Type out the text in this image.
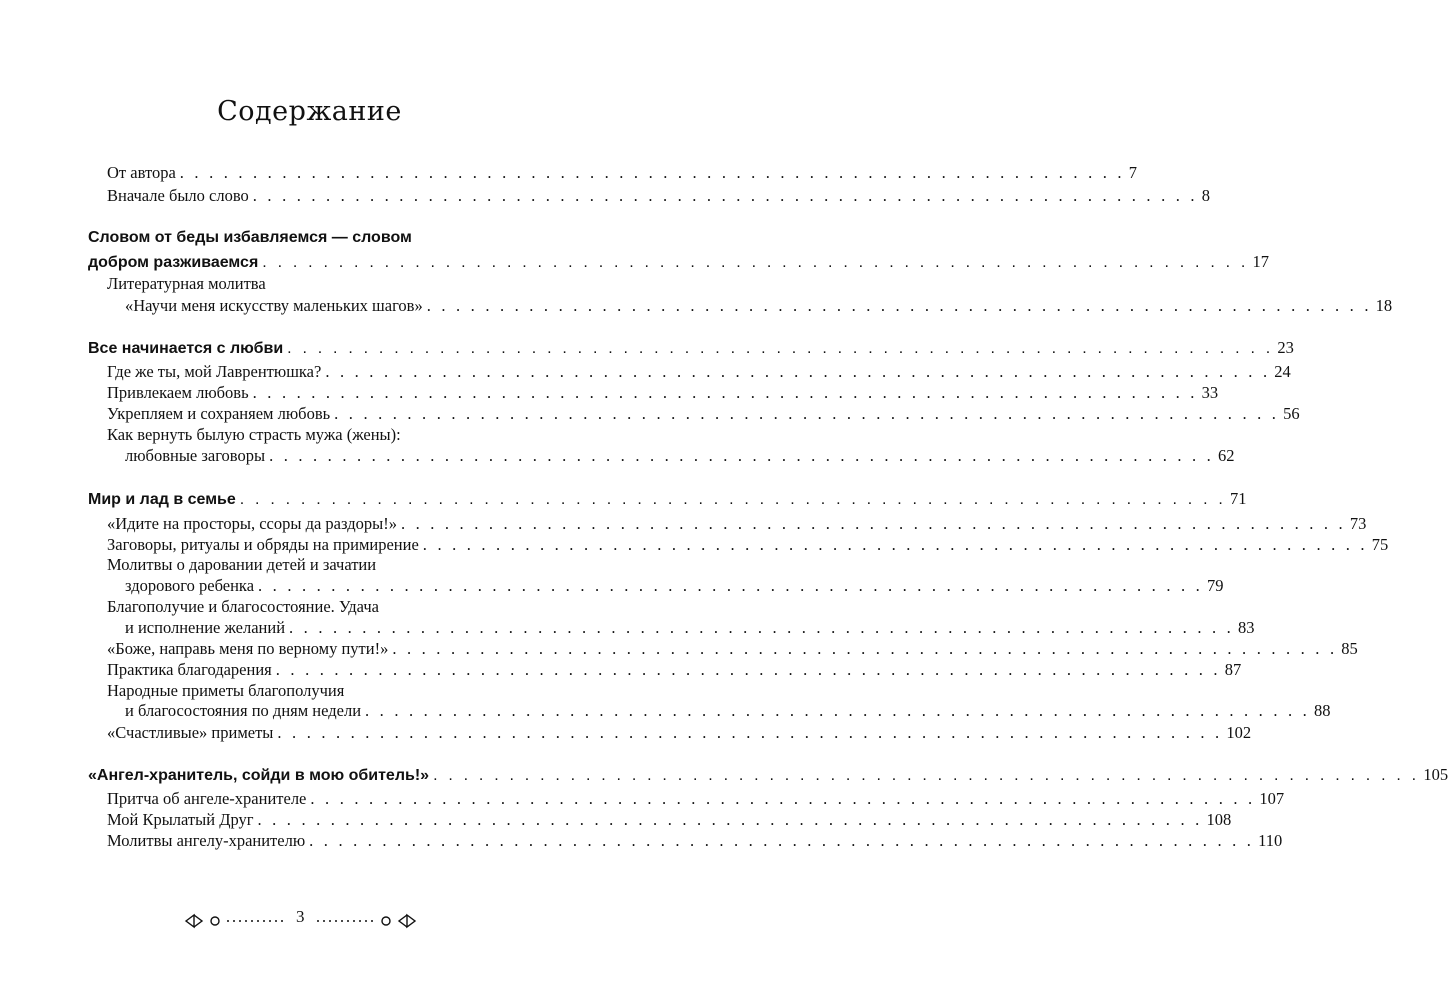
Содержание
От автора . . . . . . . . . . . . . . . . . . . . . . . . . . . . . . . . . . . . . . . . . . . . . . . . . . . . . . . . . . . . . . . . . 7
Вначале было слово . . . . . . . . . . . . . . . . . . . . . . . . . . . . . . . . . . . . . . . . . . . . . . . . . . . . . . . . . . . . . . . . . 8
Словом от беды избавляемся — словом
добром разживаемся . . . . . . . . . . . . . . . . . . . . . . . . . . . . . . . . . . . . . . . . . . . . . . . . . . . . . . . . . . . . . . . . . 17
Литературная молитва
«Научи меня искусству маленьких шагов» . . . . . . . . . . . . . . . . . . . . . . . . . . . . . . . . . . . . . . . . . . . . . . . . . . . . . . . . . . . . . . . . . 18
Все начинается с любви . . . . . . . . . . . . . . . . . . . . . . . . . . . . . . . . . . . . . . . . . . . . . . . . . . . . . . . . . . . . . . . . . 23
Где же ты, мой Лаврентюшка? . . . . . . . . . . . . . . . . . . . . . . . . . . . . . . . . . . . . . . . . . . . . . . . . . . . . . . . . . . . . . . . . . 24
Привлекаем любовь . . . . . . . . . . . . . . . . . . . . . . . . . . . . . . . . . . . . . . . . . . . . . . . . . . . . . . . . . . . . . . . . . 33
Укрепляем и сохраняем любовь . . . . . . . . . . . . . . . . . . . . . . . . . . . . . . . . . . . . . . . . . . . . . . . . . . . . . . . . . . . . . . . . . 56
Как вернуть былую страсть мужа (жены):
любовные заговоры . . . . . . . . . . . . . . . . . . . . . . . . . . . . . . . . . . . . . . . . . . . . . . . . . . . . . . . . . . . . . . . . . 62
Мир и лад в семье . . . . . . . . . . . . . . . . . . . . . . . . . . . . . . . . . . . . . . . . . . . . . . . . . . . . . . . . . . . . . . . . . 71
«Идите на просторы, ссоры да раздоры!» . . . . . . . . . . . . . . . . . . . . . . . . . . . . . . . . . . . . . . . . . . . . . . . . . . . . . . . . . . . . . . . . . 73
Заговоры, ритуалы и обряды на примирение . . . . . . . . . . . . . . . . . . . . . . . . . . . . . . . . . . . . . . . . . . . . . . . . . . . . . . . . . . . . . . . . . 75
Молитвы о даровании детей и зачатии
здорового ребенка . . . . . . . . . . . . . . . . . . . . . . . . . . . . . . . . . . . . . . . . . . . . . . . . . . . . . . . . . . . . . . . . . 79
Благополучие и благосостояние. Удача
и исполнение желаний . . . . . . . . . . . . . . . . . . . . . . . . . . . . . . . . . . . . . . . . . . . . . . . . . . . . . . . . . . . . . . . . . 83
«Боже, направь меня по верному пути!» . . . . . . . . . . . . . . . . . . . . . . . . . . . . . . . . . . . . . . . . . . . . . . . . . . . . . . . . . . . . . . . . . 85
Практика благодарения . . . . . . . . . . . . . . . . . . . . . . . . . . . . . . . . . . . . . . . . . . . . . . . . . . . . . . . . . . . . . . . . . 87
Народные приметы благополучия
и благосостояния по дням недели . . . . . . . . . . . . . . . . . . . . . . . . . . . . . . . . . . . . . . . . . . . . . . . . . . . . . . . . . . . . . . . . . 88
«Счастливые» приметы . . . . . . . . . . . . . . . . . . . . . . . . . . . . . . . . . . . . . . . . . . . . . . . . . . . . . . . . . . . . . . . . . 102
«Ангел-хранитель, сойди в мою обитель!» . . . . . . . . . . . . . . . . . . . . . . . . . . . . . . . . . . . . . . . . . . . . . . . . . . . . . . . . . . . . . . . . . 105
Притча об ангеле-хранителе . . . . . . . . . . . . . . . . . . . . . . . . . . . . . . . . . . . . . . . . . . . . . . . . . . . . . . . . . . . . . . . . . 107
Мой Крылатый Друг . . . . . . . . . . . . . . . . . . . . . . . . . . . . . . . . . . . . . . . . . . . . . . . . . . . . . . . . . . . . . . . . . 108
Молитвы ангелу-хранителю . . . . . . . . . . . . . . . . . . . . . . . . . . . . . . . . . . . . . . . . . . . . . . . . . . . . . . . . . . . . . . . . . 110
3
